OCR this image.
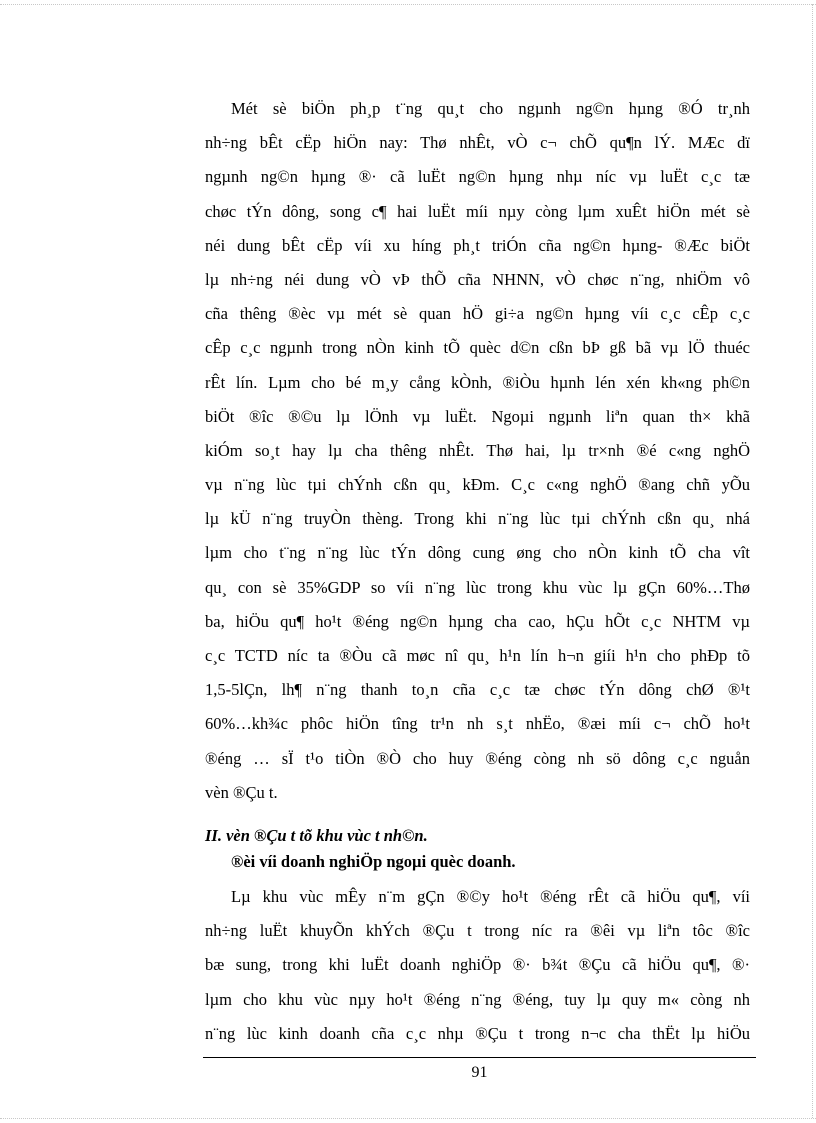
Mét sè biÖn ph¸p t¨ng qu¸t cho ngµnh ng©n hµng ®Ó tr¸nh
nh÷ng bÊt cËp hiÖn nay: Thø nhÊt, vÒ c¬ chÕ qu¶n lÝ. MÆc dï
ngµnh ng©n hµng ®· cã luËt ng©n hµng nhµ níc vµ luËt c¸c tæ
chøc tÝn dông, song c¶ hai luËt míi nµy còng lµm xuÊt hiÖn mét sè
néi dung bÊt cËp víi xu híng ph¸t triÓn cña ng©n hµng- ®Æc biÖt
lµ nh÷ng néi dung vÒ vÞ thÕ cña NHNN, vÒ chøc n¨ng, nhiÖm vô
cña thêng ®èc vµ mét sè quan hÖ gi÷a ng©n hµng víi c¸c cÊp c¸c
cÊp c¸c ngµnh trong nÒn kinh tÕ quèc d©n cßn bÞ gß bã vµ lÖ thuéc
rÊt lín. Lµm cho bé m¸y cång kÒnh, ®iÒu hµnh lén xén kh«ng ph©n
biÖt ®îc ®©u lµ lÖnh vµ luËt. Ngoµi ngµnh liªn quan th× khã
kiÓm so¸t hay lµ cha thêng nhÊt. Thø hai, lµ tr×nh ®é c«ng nghÖ
vµ n¨ng lùc tµi chÝnh cßn qu¸ kÐm. C¸c c«ng nghÖ ®ang chñ yÕu
lµ kÜ n¨ng truyÒn thèng. Trong khi n¨ng lùc tµi chÝnh cßn qu¸ nhá
lµm cho t¨ng n¨ng lùc tÝn dông cung øng cho nÒn kinh tÕ cha vît
qu¸ con sè 35%GDP so víi n¨ng lùc trong khu vùc lµ gÇn 60%…Thø
ba, hiÖu qu¶ ho¹t ®éng ng©n hµng cha cao, hÇu hÕt c¸c NHTM vµ
c¸c TCTD níc ta ®Òu cã møc nî qu¸ h¹n lín h¬n giíi h¹n cho phÐp tõ
1,5-5lÇn, lh¶ n¨ng thanh to¸n cña c¸c tæ chøc tÝn dông chØ ®¹t
60%…kh¾c phôc hiÖn tîng tr¹n nh s¸t nhËo, ®æi míi c¬ chÕ ho¹t
®éng … sÏ t¹o tiÒn ®Ò cho huy ®éng còng nh sö dông c¸c nguån
vèn ®Çu t.
II. vèn ®Çu t tõ khu vùc t nh©n.
®èi víi doanh nghiÖp ngoµi quèc doanh.
Lµ khu vùc mÊy n¨m gÇn ®©y ho¹t ®éng rÊt cã hiÖu qu¶, víi
nh÷ng luËt khuyÕn khÝch ®Çu t trong níc ra ®êi vµ liªn tôc ®îc
bæ sung, trong khi luËt doanh nghiÖp ®· b¾t ®Çu cã hiÖu qu¶, ®·
lµm cho khu vùc nµy ho¹t ®éng n¨ng ®éng, tuy lµ quy m« còng nh
n¨ng lùc kinh doanh cña c¸c nhµ ®Çu t trong n¬c cha thËt lµ hiÖu
91
